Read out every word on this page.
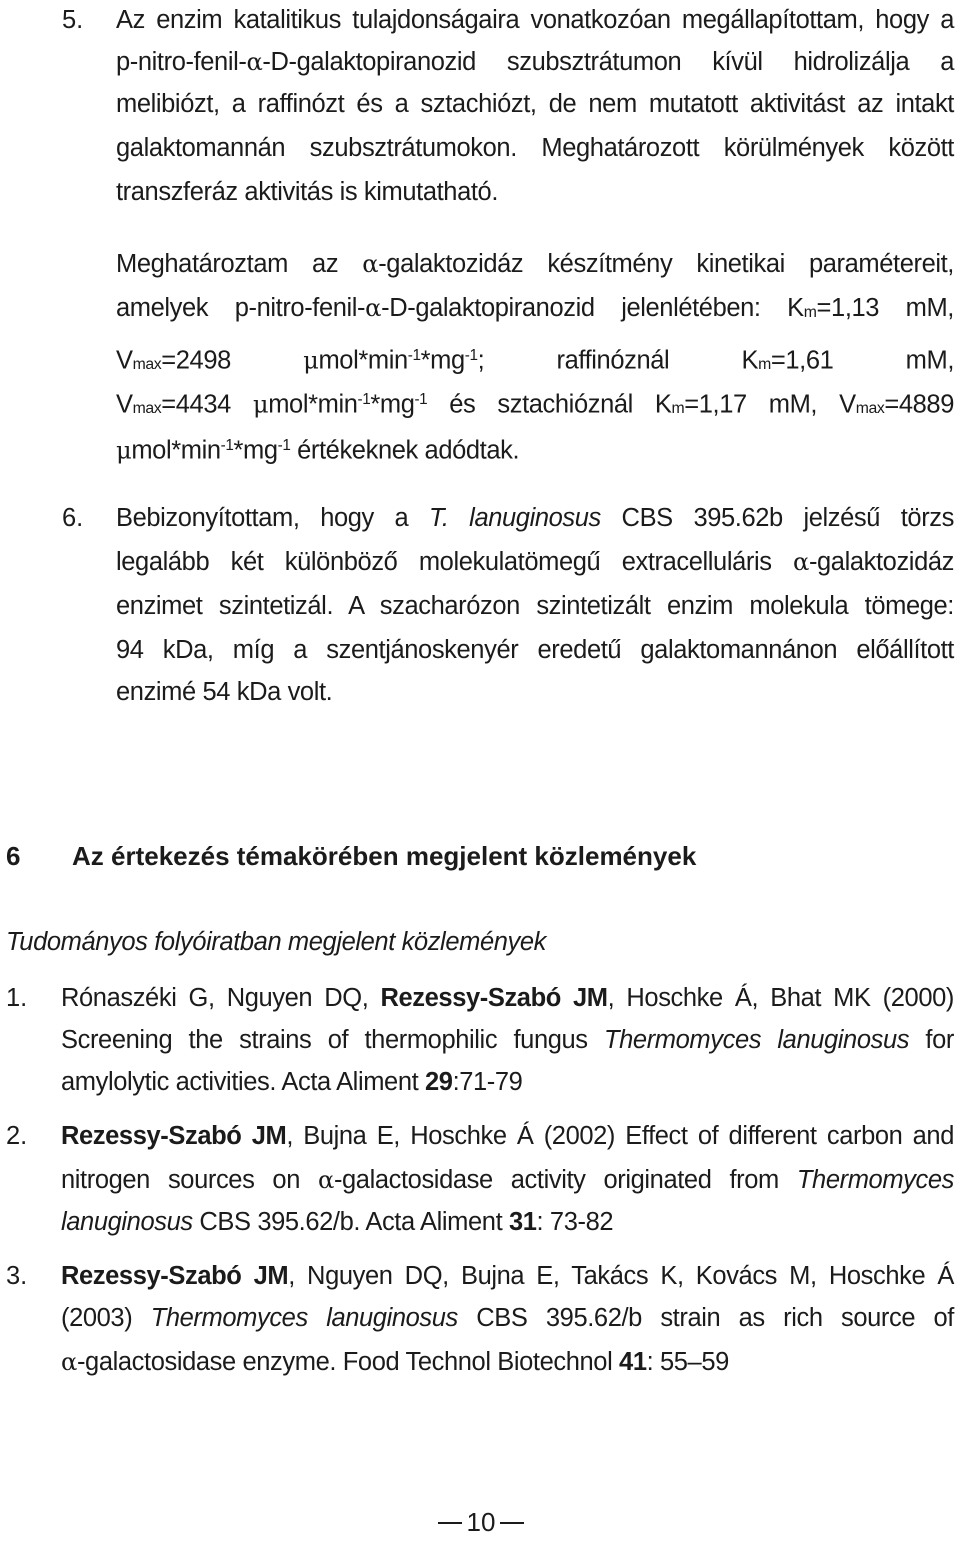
5. Az enzim katalitikus tulajdonságaira vonatkozóan megállapítottam, hogy a
p-nitro-fenil-α-D-galaktopiranozid szubsztrátumon kívül hidrolizálja a
melibiózt, a raffinózt és a sztachiózt, de nem mutatott aktivitást az intakt
galaktomannán szubsztrátumokon. Meghatározott körülmények között
transzferáz aktivitás is kimutatható.
Meghatároztam az α-galaktozidáz készítmény kinetikai paramétereit,
amelyek p-nitro-fenil-α-D-galaktopiranozid jelenlétében: Km=1,13 mM,
Vmax=2498 $\mu mol*\min^{-1}*mg^{-1}$;	raffinóznál	Km=1,61 mM,
Vmax=4434 $\mu mol*\min^{-1}*mg^{-1}$ és sztachióznál Km=1,17 mM, Vmax=4889
$\mu mol*\min^{-1}*mg^{-1}$ értékeknek adódtak.
6. Bebizonyítottam, hogy a T. lanuginosus CBS 395.62b jelzésű törzs
legalább két különböző molekulatömegű extracelluláris α-galaktozidáz
enzimet szintetizál. A szacharózon szintetizált enzim molekula tömege:
94 kDa, míg a szentjánoskenyér eredetű galaktomannánon előállított
enzimé 54 kDa volt.
6 Az értekezés témakörében megjelent közlemények
Tudományos folyóiratban megjelent közlemények
1. Rónaszéki G, Nguyen DQ, Rezessy-Szabó JM, Hoschke Á, Bhat MK (2000)
Screening the strains of thermophilic fungus Thermomyces lanuginosus for
amylolytic activities. Acta Aliment 29:71-79
2. Rezessy-Szabó JM, Bujna E, Hoschke Á (2002) Effect of different carbon and
nitrogen sources on α-galactosidase activity originated from Thermomyces
lanuginosus CBS 395.62/b. Acta Aliment 31: 73-82
3. Rezessy-Szabó JM, Nguyen DQ, Bujna E, Takács K, Kovács M, Hoschke Á
(2003) Thermomyces lanuginosus CBS 395.62/b strain as rich source of
α-galactosidase enzyme. Food Technol Biotechnol 41: 55–59
10
